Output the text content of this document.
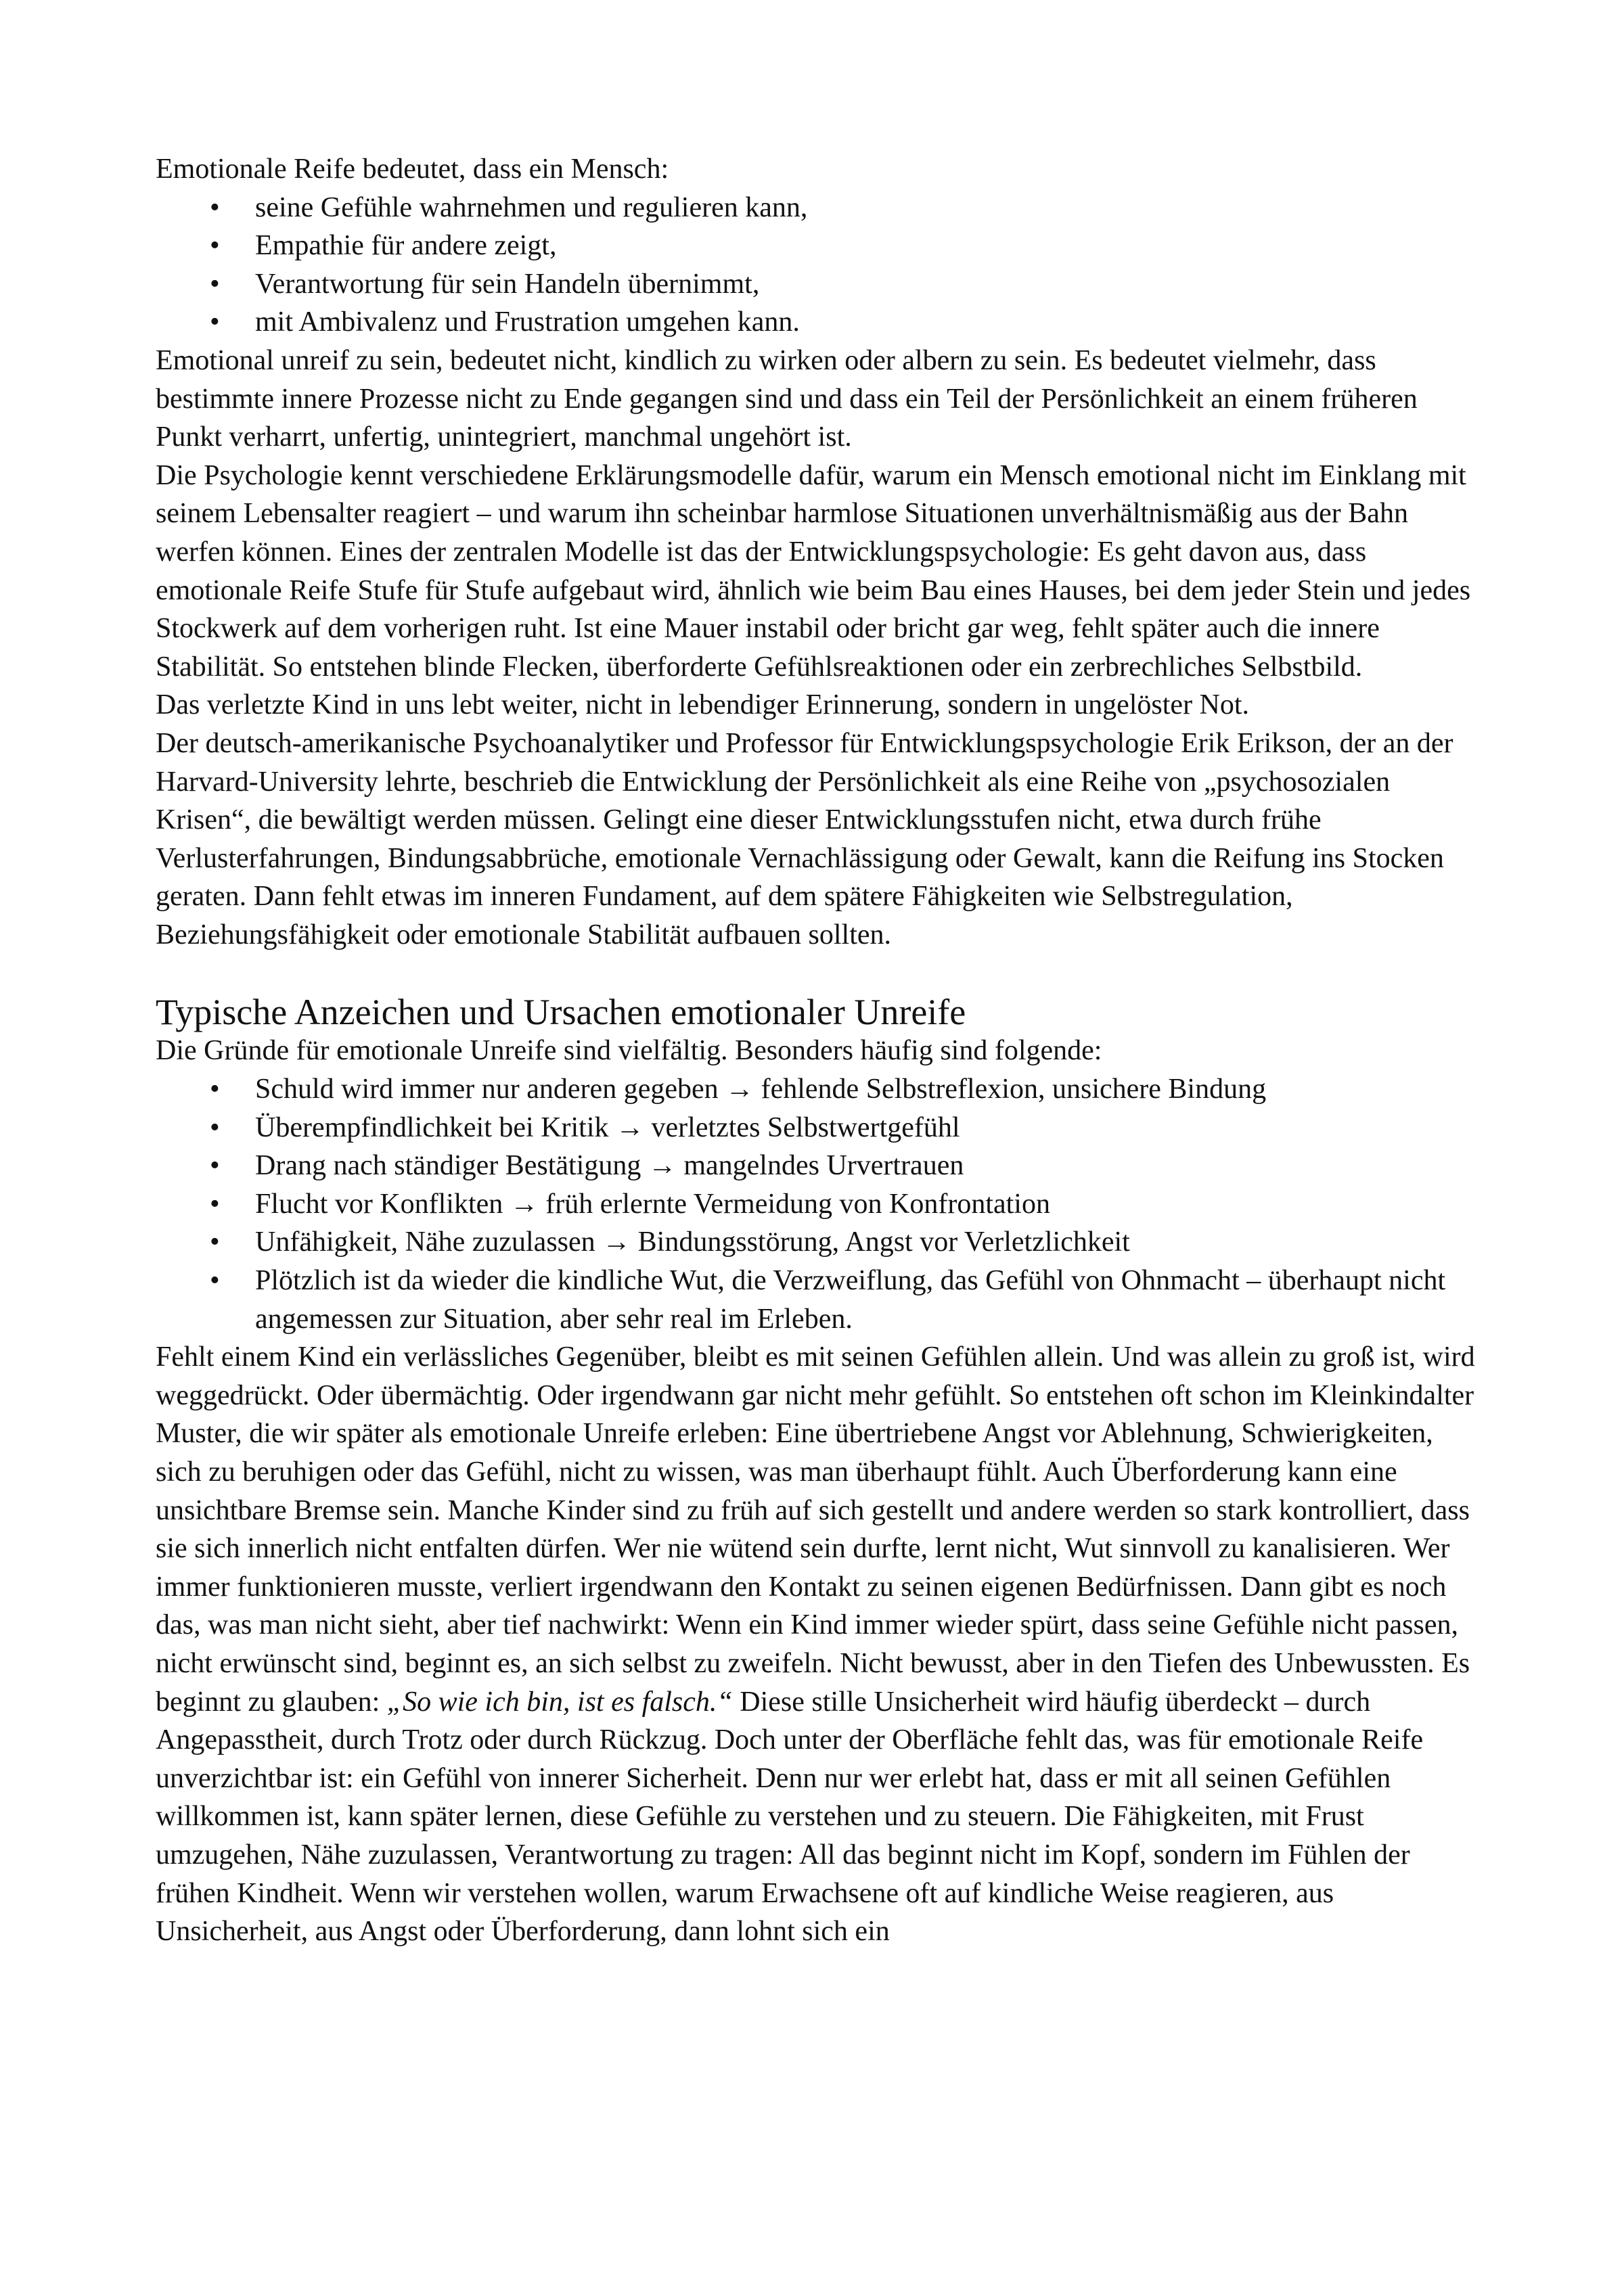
Emotionale Reife bedeutet, dass ein Mensch:

• seine Gefühle wahrnehmen und regulieren kann,
• Empathie für andere zeigt,
• Verantwortung für sein Handeln übernimmt,
• mit Ambivalenz und Frustration umgehen kann.

Emotional unreif zu sein, bedeutet nicht, kindlich zu wirken oder albern zu sein. Es bedeutet vielmehr, dass bestimmte innere Prozesse nicht zu Ende gegangen sind und dass ein Teil der Persönlichkeit an einem früheren Punkt verharrt, unfertig, unintegriert, manchmal ungehört ist.

Die Psychologie kennt verschiedene Erklärungsmodelle dafür, warum ein Mensch emotional nicht im Einklang mit seinem Lebensalter reagiert – und warum ihn scheinbar harmlose Situationen unverhältnismäßig aus der Bahn werfen können. Eines der zentralen Modelle ist das der Entwicklungspsychologie: Es geht davon aus, dass emotionale Reife Stufe für Stufe aufgebaut wird, ähnlich wie beim Bau eines Hauses, bei dem jeder Stein und jedes Stockwerk auf dem vorherigen ruht. Ist eine Mauer instabil oder bricht gar weg, fehlt später auch die innere Stabilität. So entstehen blinde Flecken, überforderte Gefühlsreaktionen oder ein zerbrechliches Selbstbild.

Das verletzte Kind in uns lebt weiter, nicht in lebendiger Erinnerung, sondern in ungelöster Not.

Der deutsch-amerikanische Psychoanalytiker und Professor für Entwicklungspsychologie Erik Erikson, der an der Harvard-University lehrte, beschrieb die Entwicklung der Persönlichkeit als eine Reihe von „psychosozialen Krisen“, die bewältigt werden müssen. Gelingt eine dieser Entwicklungsstufen nicht, etwa durch frühe Verlusterfahrungen, Bindungsabbrüche, emotionale Vernachlässigung oder Gewalt, kann die Reifung ins Stocken geraten. Dann fehlt etwas im inneren Fundament, auf dem spätere Fähigkeiten wie Selbstregulation, Beziehungsfähigkeit oder emotionale Stabilität aufbauen sollten.

Typische Anzeichen und Ursachen emotionaler Unreife

Die Gründe für emotionale Unreife sind vielfältig. Besonders häufig sind folgende:

• Schuld wird immer nur anderen gegeben → fehlende Selbstreflexion, unsichere Bindung
• Überempfindlichkeit bei Kritik → verletztes Selbstwertgefühl
• Drang nach ständiger Bestätigung → mangelndes Urvertrauen
• Flucht vor Konflikten → früh erlernte Vermeidung von Konfrontation
• Unfähigkeit, Nähe zuzulassen → Bindungsstörung, Angst vor Verletzlichkeit
• Plötzlich ist da wieder die kindliche Wut, die Verzweiflung, das Gefühl von Ohnmacht – überhaupt nicht angemessen zur Situation, aber sehr real im Erleben.

Fehlt einem Kind ein verlässliches Gegenüber, bleibt es mit seinen Gefühlen allein. Und was allein zu groß ist, wird weggedrückt. Oder übermächtig. Oder irgendwann gar nicht mehr gefühlt. So entstehen oft schon im Kleinkindalter Muster, die wir später als emotionale Unreife erleben: Eine übertriebene Angst vor Ablehnung, Schwierigkeiten, sich zu beruhigen oder das Gefühl, nicht zu wissen, was man überhaupt fühlt. Auch Überforderung kann eine unsichtbare Bremse sein. Manche Kinder sind zu früh auf sich gestellt und andere werden so stark kontrolliert, dass sie sich innerlich nicht entfalten dürfen. Wer nie wütend sein durfte, lernt nicht, Wut sinnvoll zu kanalisieren. Wer immer funktionieren musste, verliert irgendwann den Kontakt zu seinen eigenen Bedürfnissen. Dann gibt es noch das, was man nicht sieht, aber tief nachwirkt: Wenn ein Kind immer wieder spürt, dass seine Gefühle nicht passen, nicht erwünscht sind, beginnt es, an sich selbst zu zweifeln. Nicht bewusst, aber in den Tiefen des Unbewussten. Es beginnt zu glauben: „So wie ich bin, ist es falsch.“ Diese stille Unsicherheit wird häufig überdeckt – durch Angepasstheit, durch Trotz oder durch Rückzug. Doch unter der Oberfläche fehlt das, was für emotionale Reife unverzichtbar ist: ein Gefühl von innerer Sicherheit. Denn nur wer erlebt hat, dass er mit all seinen Gefühlen willkommen ist, kann später lernen, diese Gefühle zu verstehen und zu steuern. Die Fähigkeiten, mit Frust umzugehen, Nähe zuzulassen, Verantwortung zu tragen: All das beginnt nicht im Kopf, sondern im Fühlen der frühen Kindheit. Wenn wir verstehen wollen, warum Erwachsene oft auf kindliche Weise reagieren, aus Unsicherheit, aus Angst oder Überforderung, dann lohnt sich ein
